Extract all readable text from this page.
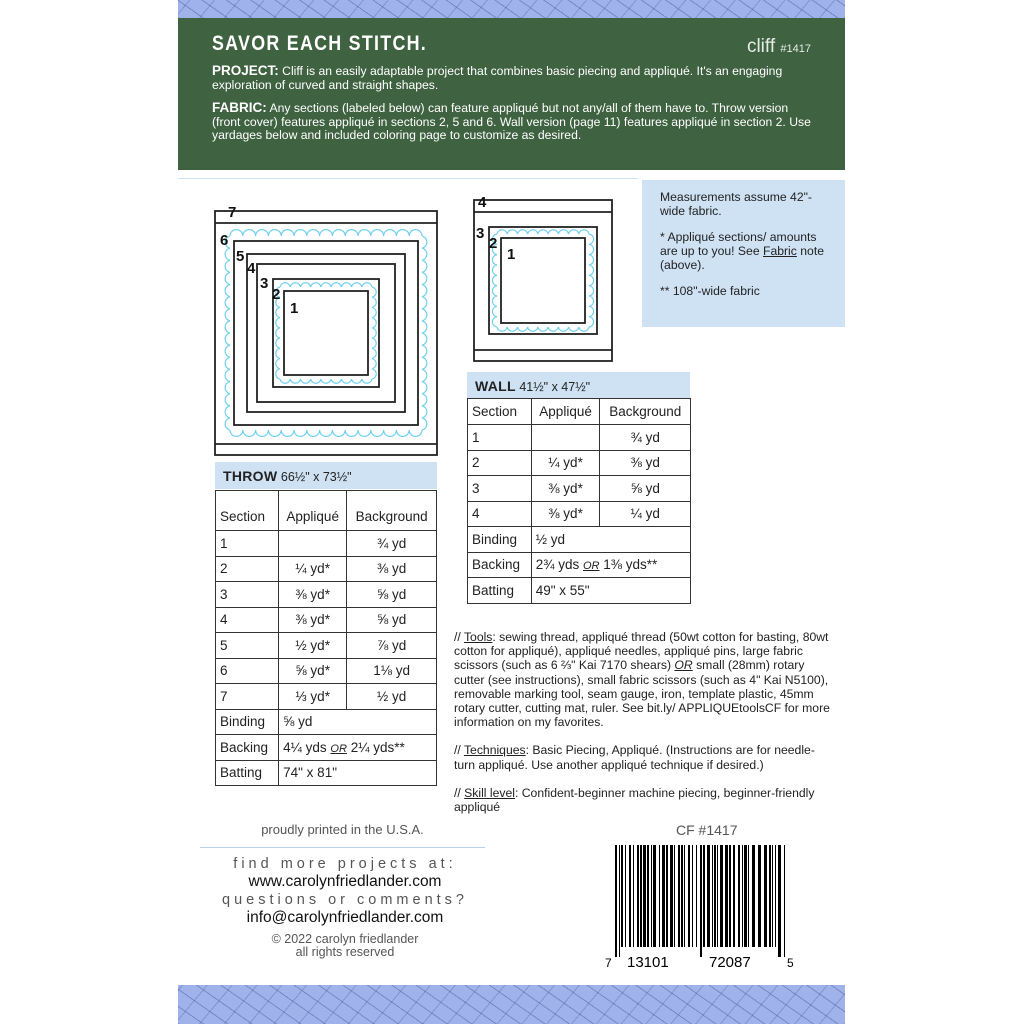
SAVOR EACH STITCH.	cliff #1417

PROJECT: Cliff is an easily adaptable project that combines basic piecing and appliqué. It's an engaging exploration of curved and straight shapes.

FABRIC: Any sections (labeled below) can feature appliqué but not any/all of them have to. Throw version (front cover) features appliqué in sections 2, 5 and 6. Wall version (page 11) features appliqué in section 2. Use yardages below and included coloring page to customize as desired.

7
6
5
4
3
2
1
4
3
2
1

Measurements assume 42"-wide fabric.

* Appliqué sections/ amounts are up to you! See Fabric note (above).

** 108"-wide fabric

THROW 66½" x 73½"
Section	Appliqué	Background
1		¾ yd
2	¼ yd*	⅜ yd
3	⅜ yd*	⅝ yd
4	⅜ yd*	⅝ yd
5	½ yd*	⅞ yd
6	⅝ yd*	1⅛ yd
7	⅓ yd*	½ yd
Binding	⅝ yd	
Backing	4¼ yds OR 2¼ yds**	
Batting	74" x 81"	
WALL 41½" x 47½"
Section	Appliqué	Background
1		¾ yd
2	¼ yd*	⅜ yd
3	⅜ yd*	⅝ yd
4	⅜ yd*	¼ yd
Binding	½ yd	
Backing	2¾ yds OR 1⅜ yds**	
Batting	49" x 55"	

// Tools: sewing thread, appliqué thread (50wt cotton for basting, 80wt cotton for appliqué), appliqué needles, appliqué pins, large fabric scissors (such as 6 ⅔" Kai 7170 shears) OR small (28mm) rotary cutter (see instructions), small fabric scissors (such as 4" Kai N5100), removable marking tool, seam gauge, iron, template plastic, 45mm rotary cutter, cutting mat, ruler. See bit.ly/ APPLIQUEtoolsCF for more information on my favorites.

// Techniques: Basic Piecing, Appliqué. (Instructions are for needle-turn appliqué. Use another appliqué technique if desired.)

// Skill level: Confident-beginner machine piecing, beginner-friendly appliqué

CF #1417
proudly printed in the U.S.A.
find more projects at:
www.carolynfriedlander.com
questions or comments?
info@carolynfriedlander.com
© 2022 carolyn friedlander
all rights reserved
7 13101	72087	5
